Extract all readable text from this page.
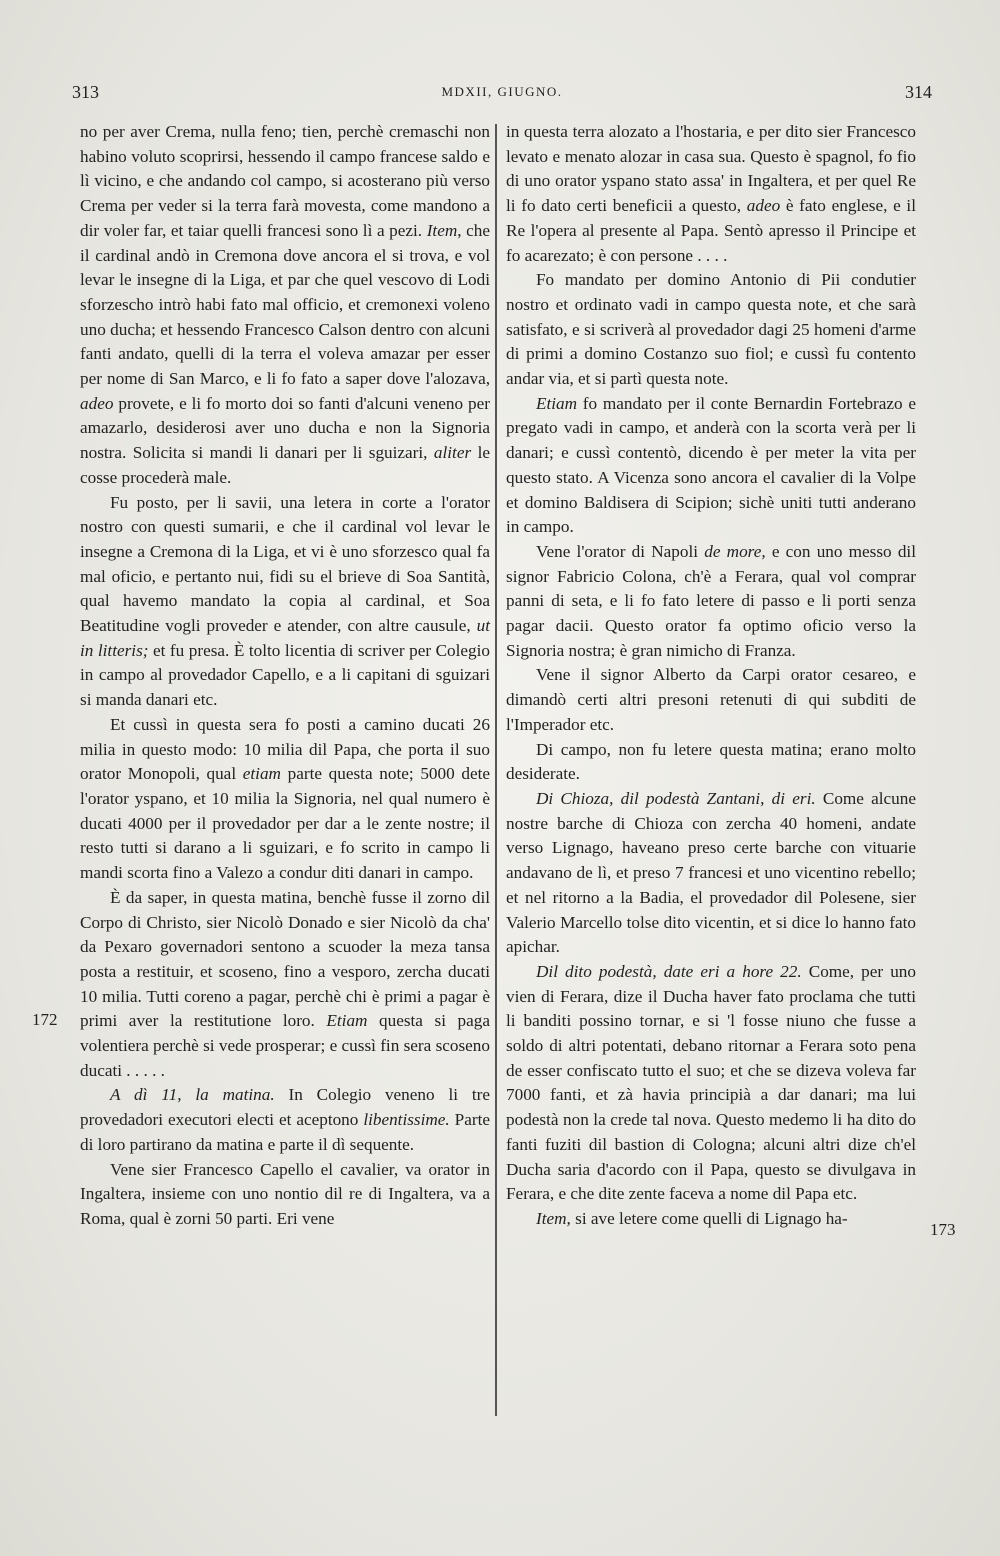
313	MDXII, GIUGNO.	314
172
173

no per aver Crema, nulla feno; tien, perchè cremaschi non habino voluto scoprirsi, hessendo il campo francese saldo e lì vicino, e che andando col campo, si acosterano più verso Crema per veder si la terra farà movesta, come mandono a dir voler far, et taiar quelli francesi sono lì a pezi. Item, che il cardinal andò in Cremona dove ancora el si trova, e vol levar le insegne di la Liga, et par che quel vescovo di Lodi sforzescho intrò habi fato mal officio, et cremonexi voleno uno ducha; et hessendo Francesco Calson dentro con alcuni fanti andato, quelli di la terra el voleva amazar per esser per nome di San Marco, e li fo fato a saper dove l'alozava, adeo provete, e li fo morto doi so fanti d'alcuni veneno per amazarlo, desiderosi aver uno ducha e non la Signoria nostra. Solicita si mandi li danari per li sguizari, aliter le cosse procederà male.

Fu posto, per li savii, una letera in corte a l'orator nostro con questi sumarii, e che il cardinal vol levar le insegne a Cremona di la Liga, et vi è uno sforzesco qual fa mal oficio, e pertanto nui, fidi su el brieve di Soa Santità, qual havemo mandato la copia al cardinal, et Soa Beatitudine vogli proveder e atender, con altre causule, ut in litteris; et fu presa. È tolto licentia di scriver per Colegio in campo al provedador Capello, e a li capitani di sguizari si manda danari etc.

Et cussì in questa sera fo posti a camino ducati 26 milia in questo modo: 10 milia dil Papa, che porta il suo orator Monopoli, qual etiam parte questa note; 5000 dete l'orator yspano, et 10 milia la Signoria, nel qual numero è ducati 4000 per il provedador per dar a le zente nostre; il resto tutti si darano a li sguizari, e fo scrito in campo li mandi scorta fino a Valezo a condur diti danari in campo.

È da saper, in questa matina, benchè fusse il zorno dil Corpo di Christo, sier Nicolò Donado e sier Nicolò da cha' da Pexaro governadori sentono a scuoder la meza tansa posta a restituir, et scoseno, fino a vesporo, zercha ducati 10 milia. Tutti coreno a pagar, perchè chi è primi a pagar è primi aver la restitutione loro. Etiam questa si paga volentiera perchè si vede prosperar; e cussì fin sera scoseno ducati . . . . .

A dì 11, la matina. In Colegio veneno li tre provedadori executori electi et aceptono libentissime. Parte di loro partirano da matina e parte il dì sequente.

Vene sier Francesco Capello el cavalier, va orator in Ingaltera, insieme con uno nontio dil re di Ingaltera, va a Roma, qual è zorni 50 parti. Eri vene

in questa terra alozato a l'hostaria, e per dito sier Francesco levato e menato alozar in casa sua. Questo è spagnol, fo fio di uno orator yspano stato assa' in Ingaltera, et per quel Re li fo dato certi beneficii a questo, adeo è fato englese, e il Re l'opera al presente al Papa. Sentò apresso il Principe et fo acarezato; è con persone . . . .

Fo mandato per domino Antonio di Pii condutier nostro et ordinato vadi in campo questa note, et che sarà satisfato, e si scriverà al provedador dagi 25 homeni d'arme di primi a domino Costanzo suo fiol; e cussì fu contento andar via, et si partì questa note.

Etiam fo mandato per il conte Bernardin Fortebrazo e pregato vadi in campo, et anderà con la scorta verà per li danari; e cussì contentò, dicendo è per meter la vita per questo stato. A Vicenza sono ancora el cavalier di la Volpe et domino Baldisera di Scipion; sichè uniti tutti anderano in campo.

Vene l'orator di Napoli de more, e con uno messo dil signor Fabricio Colona, ch'è a Ferara, qual vol comprar panni di seta, e li fo fato letere di passo e li porti senza pagar dacii. Questo orator fa optimo oficio verso la Signoria nostra; è gran nimicho di Franza.

Vene il signor Alberto da Carpi orator cesareo, e dimandò certi altri presoni retenuti di qui subditi de l'Imperador etc.

Di campo, non fu letere questa matina; erano molto desiderate.

Di Chioza, dil podestà Zantani, di eri. Come alcune nostre barche di Chioza con zercha 40 homeni, andate verso Lignago, haveano preso certe barche con vituarie andavano de lì, et preso 7 francesi et uno vicentino rebello; et nel ritorno a la Badia, el provedador dil Polesene, sier Valerio Marcello tolse dito vicentin, et si dice lo hanno fato apichar.

Dil dito podestà, date eri a hore 22. Come, per uno vien di Ferara, dize il Ducha haver fato proclama che tutti li banditi possino tornar, e si 'l fosse niuno che fusse a soldo di altri potentati, debano ritornar a Ferara soto pena de esser confiscato tutto el suo; et che se dizeva voleva far 7000 fanti, et zà havia principià a dar danari; ma lui podestà non la crede tal nova. Questo medemo li ha dito do fanti fuziti dil bastion di Cologna; alcuni altri dize ch'el Ducha saria d'acordo con il Papa, questo se divulgava in Ferara, e che dite zente faceva a nome dil Papa etc.

Item, si ave letere come quelli di Lignago ha-
